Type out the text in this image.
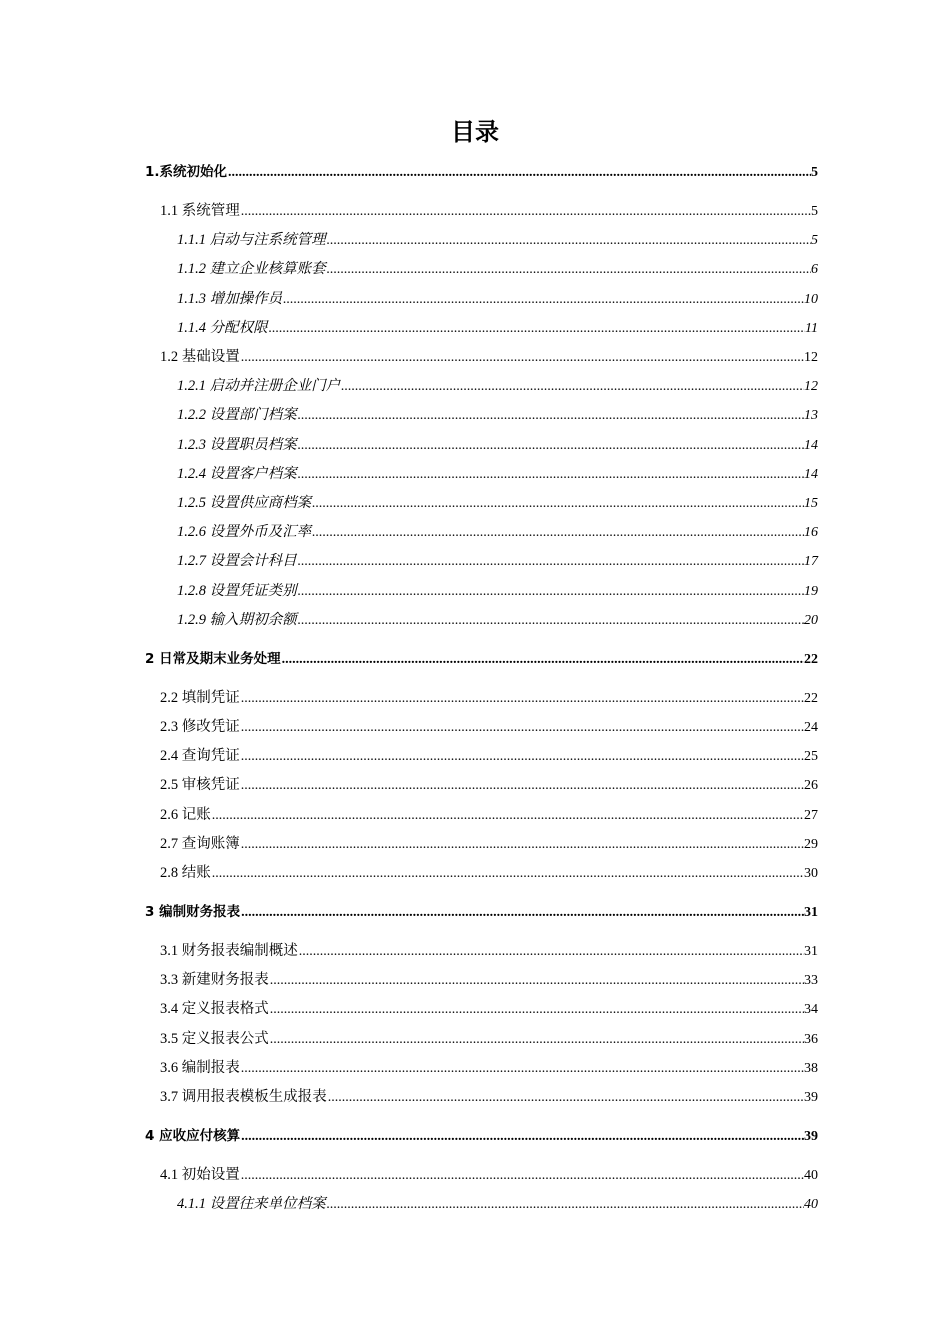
目录
1.系统初始化 .....	5
1.1 系统管理 .....	5
1.1.1 启动与注系统管理 .....	5
1.1.2 建立企业核算账套 .....	6
1.1.3 增加操作员 .....	10
1.1.4 分配权限 .....	11
1.2 基础设置 .....	12
1.2.1 启动并注册企业门户 .....	12
1.2.2 设置部门档案 .....	13
1.2.3 设置职员档案 .....	14
1.2.4 设置客户档案 .....	14
1.2.5 设置供应商档案 .....	15
1.2.6 设置外币及汇率 .....	16
1.2.7 设置会计科目 .....	17
1.2.8 设置凭证类别 .....	19
1.2.9 输入期初余额 .....	20
2 日常及期末业务处理 .....	22
2.2 填制凭证 .....	22
2.3 修改凭证 .....	24
2.4 查询凭证 .....	25
2.5 审核凭证 .....	26
2.6 记账 .....	27
2.7 查询账簿 .....	29
2.8 结账 .....	30
3 编制财务报表 .....	31
3.1 财务报表编制概述 .....	31
3.3 新建财务报表 .....	33
3.4 定义报表格式 .....	34
3.5 定义报表公式 .....	36
3.6 编制报表 .....	38
3.7 调用报表模板生成报表 .....	39
4 应收应付核算 .....	39
4.1 初始设置 .....	40
4.1.1 设置往来单位档案 .....	40
